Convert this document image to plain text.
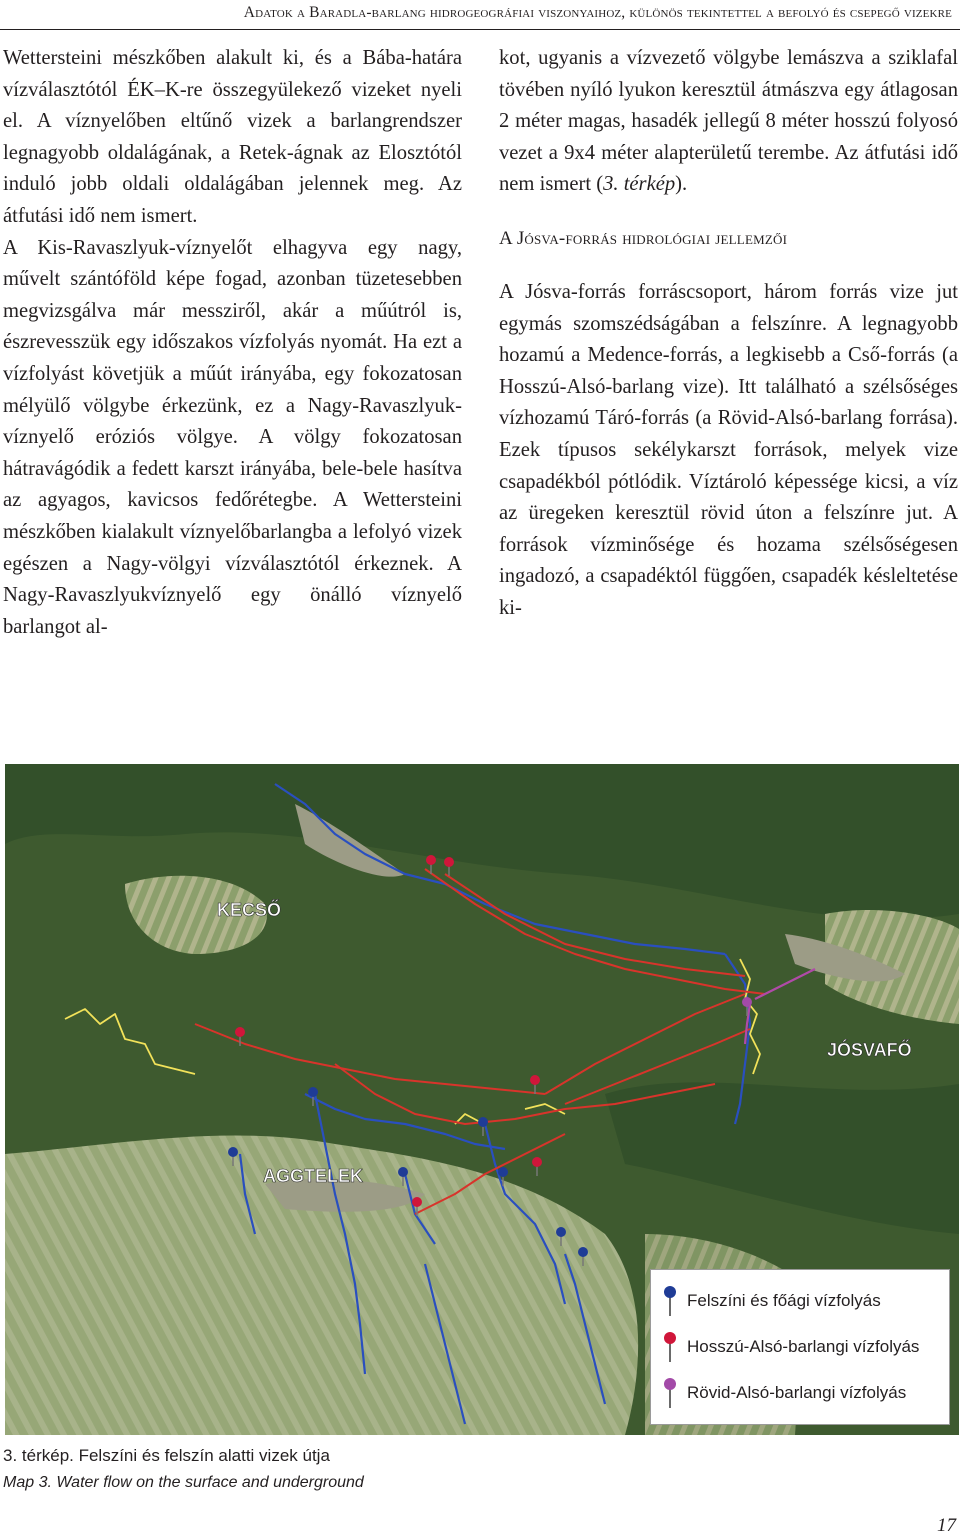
Adatok a Baradla-barlang hidrogeográfiai viszonyaihoz, különös tekintettel a befolyó és csepegő vizekre

Wettersteini mészkőben alakult ki, és a Bába-határa vízválasztótól ÉK–K-re összegyülekező vizeket nyeli el. A víznyelőben eltűnő vizek a barlangrendszer legnagyobb oldalágának, a Retek-ágnak az Elosztótól induló jobb oldali oldalágában jelennek meg. Az átfutási idő nem ismert.

A Kis-Ravaszlyuk-víznyelőt elhagyva egy nagy, művelt szántóföld képe fogad, azonban tüzetesebben megvizsgálva már messziről, akár a műútról is, észrevesszük egy időszakos vízfolyás nyomát. Ha ezt a vízfolyást követjük a műút irányába, egy fokozatosan mélyülő völgybe érkezünk, ez a Nagy-Ravaszlyuk-víznyelő eróziós völgye. A völgy fokozatosan hátravágódik a fedett karszt irányába, bele-bele hasítva az agyagos, kavicsos fedőrétegbe. A Wettersteini mészkőben kialakult víznyelőbarlangba a lefolyó vizek egészen a Nagy-völgyi vízválasztótól érkeznek. A Nagy-Ravaszlyukvíznyelő egy önálló víznyelő barlangot al-

kot, ugyanis a vízvezető völgybe lemászva a sziklafal tövében nyíló lyukon keresztül átmászva egy átlagosan 2 méter magas, hasadék jellegű 8 méter hosszú folyosó vezet a 9x4 méter alapterületű terembe. Az átfutási idő nem ismert (3. térkép).

A Jósva-forrás hidrológiai jellemzői

A Jósva-forrás forráscsoport, három forrás vize jut egymás szomszédságában a felszínre. A legnagyobb hozamú a Medence-forrás, a legkisebb a Cső-forrás (a Hosszú-Alsó-barlang vize). Itt található a szélsőséges vízhozamú Táró-forrás (a Rövid-Alsó-barlang forrása). Ezek típusos sekélykarszt források, melyek vize csapadékból pótlódik. Víztároló képessége kicsi, a víz az üregeken keresztül rövid úton a felszínre jut. A források vízminősége és hozama szélsőségesen ingadozó, a csapadéktól függően, csapadék késleltetése ki-

KECSŐ
JÓSVAFŐ
AGGTELEK
Felszíni és főági vízfolyás
Hosszú-Alsó-barlangi vízfolyás
Rövid-Alsó-barlangi vízfolyás
3. térkép. Felszíni és felszín alatti vizek útja
Map 3. Water flow on the surface and underground
17
